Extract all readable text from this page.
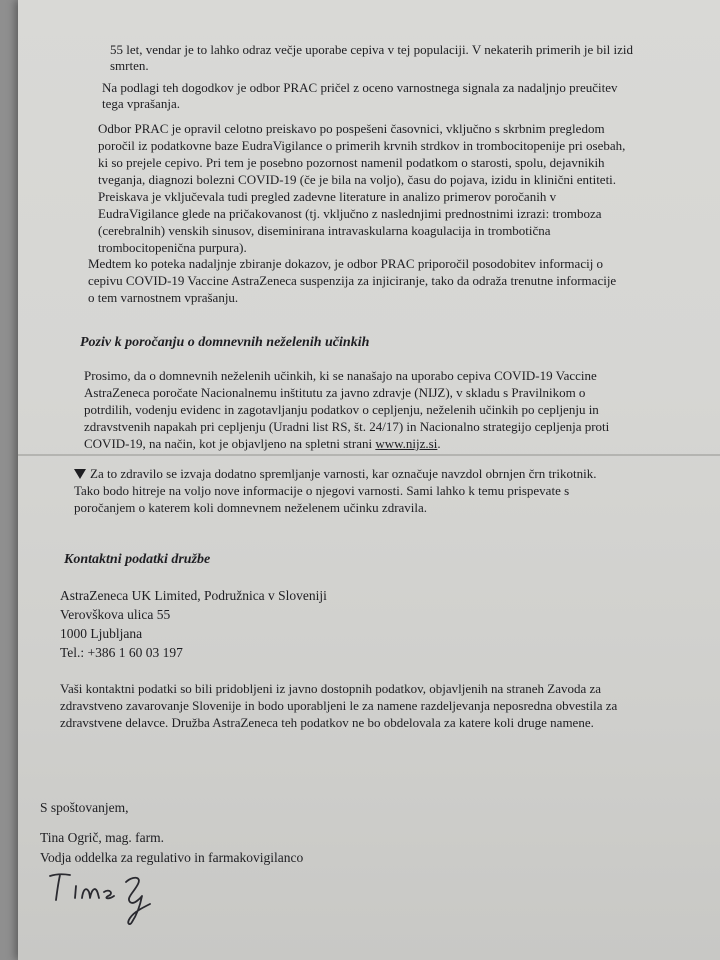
55 let, vendar je to lahko odraz večje uporabe cepiva v tej populaciji. V nekaterih primerih je bil izid

smrten.

Na podlagi teh dogodkov je odbor PRAC pričel z oceno varnostnega signala za nadaljnjo preučitev

tega vprašanja.

Odbor PRAC je opravil celotno preiskavo po pospešeni časovnici, vključno s skrbnim pregledom

poročil iz podatkovne baze EudraVigilance o primerih krvnih strdkov in trombocitopenije pri osebah,

ki so prejele cepivo. Pri tem je posebno pozornost namenil podatkom o starosti, spolu, dejavnikih

tveganja, diagnozi bolezni COVID-19 (če je bila na voljo), času do pojava, izidu in klinični entiteti.

Preiskava je vključevala tudi pregled zadevne literature in analizo primerov poročanih v

EudraVigilance glede na pričakovanost (tj. vključno z naslednjimi prednostnimi izrazi: tromboza

(cerebralnih) venskih sinusov, diseminirana intravaskularna koagulacija in trombotična

trombocitopenična purpura).

Medtem ko poteka nadaljnje zbiranje dokazov, je odbor PRAC priporočil posodobitev informacij o

cepivu COVID-19 Vaccine AstraZeneca suspenzija za injiciranje, tako da odraža trenutne informacije

o tem varnostnem vprašanju.

Poziv k poročanju o domnevnih neželenih učinkih

Prosimo, da o domnevnih neželenih učinkih, ki se nanašajo na uporabo cepiva COVID-19 Vaccine

AstraZeneca poročate Nacionalnemu inštitutu za javno zdravje (NIJZ), v skladu s Pravilnikom o

potrdilih, vodenju evidenc in zagotavljanju podatkov o cepljenju, neželenih učinkih po cepljenju in

zdravstvenih napakah pri cepljenju (Uradni list RS, št. 24/17) in Nacionalno strategijo cepljenja proti

COVID-19, na način, kot je objavljeno na spletni strani www.nijz.si.

Za to zdravilo se izvaja dodatno spremljanje varnosti, kar označuje navzdol obrnjen črn trikotnik.

Tako bodo hitreje na voljo nove informacije o njegovi varnosti. Sami lahko k temu prispevate s

poročanjem o katerem koli domnevnem neželenem učinku zdravila.

Kontaktni podatki družbe

AstraZeneca UK Limited, Podružnica v Sloveniji

Verovškova ulica 55

1000 Ljubljana

Tel.: +386 1 60 03 197

Vaši kontaktni podatki so bili pridobljeni iz javno dostopnih podatkov, objavljenih na straneh Zavoda za

zdravstveno zavarovanje Slovenije in bodo uporabljeni le za namene razdeljevanja neposredna obvestila za

zdravstvene delavce. Družba AstraZeneca teh podatkov ne bo obdelovala za katere koli druge namene.

S spoštovanjem,

Tina Ogrič, mag. farm.

Vodja oddelka za regulativo in farmakovigilanco
